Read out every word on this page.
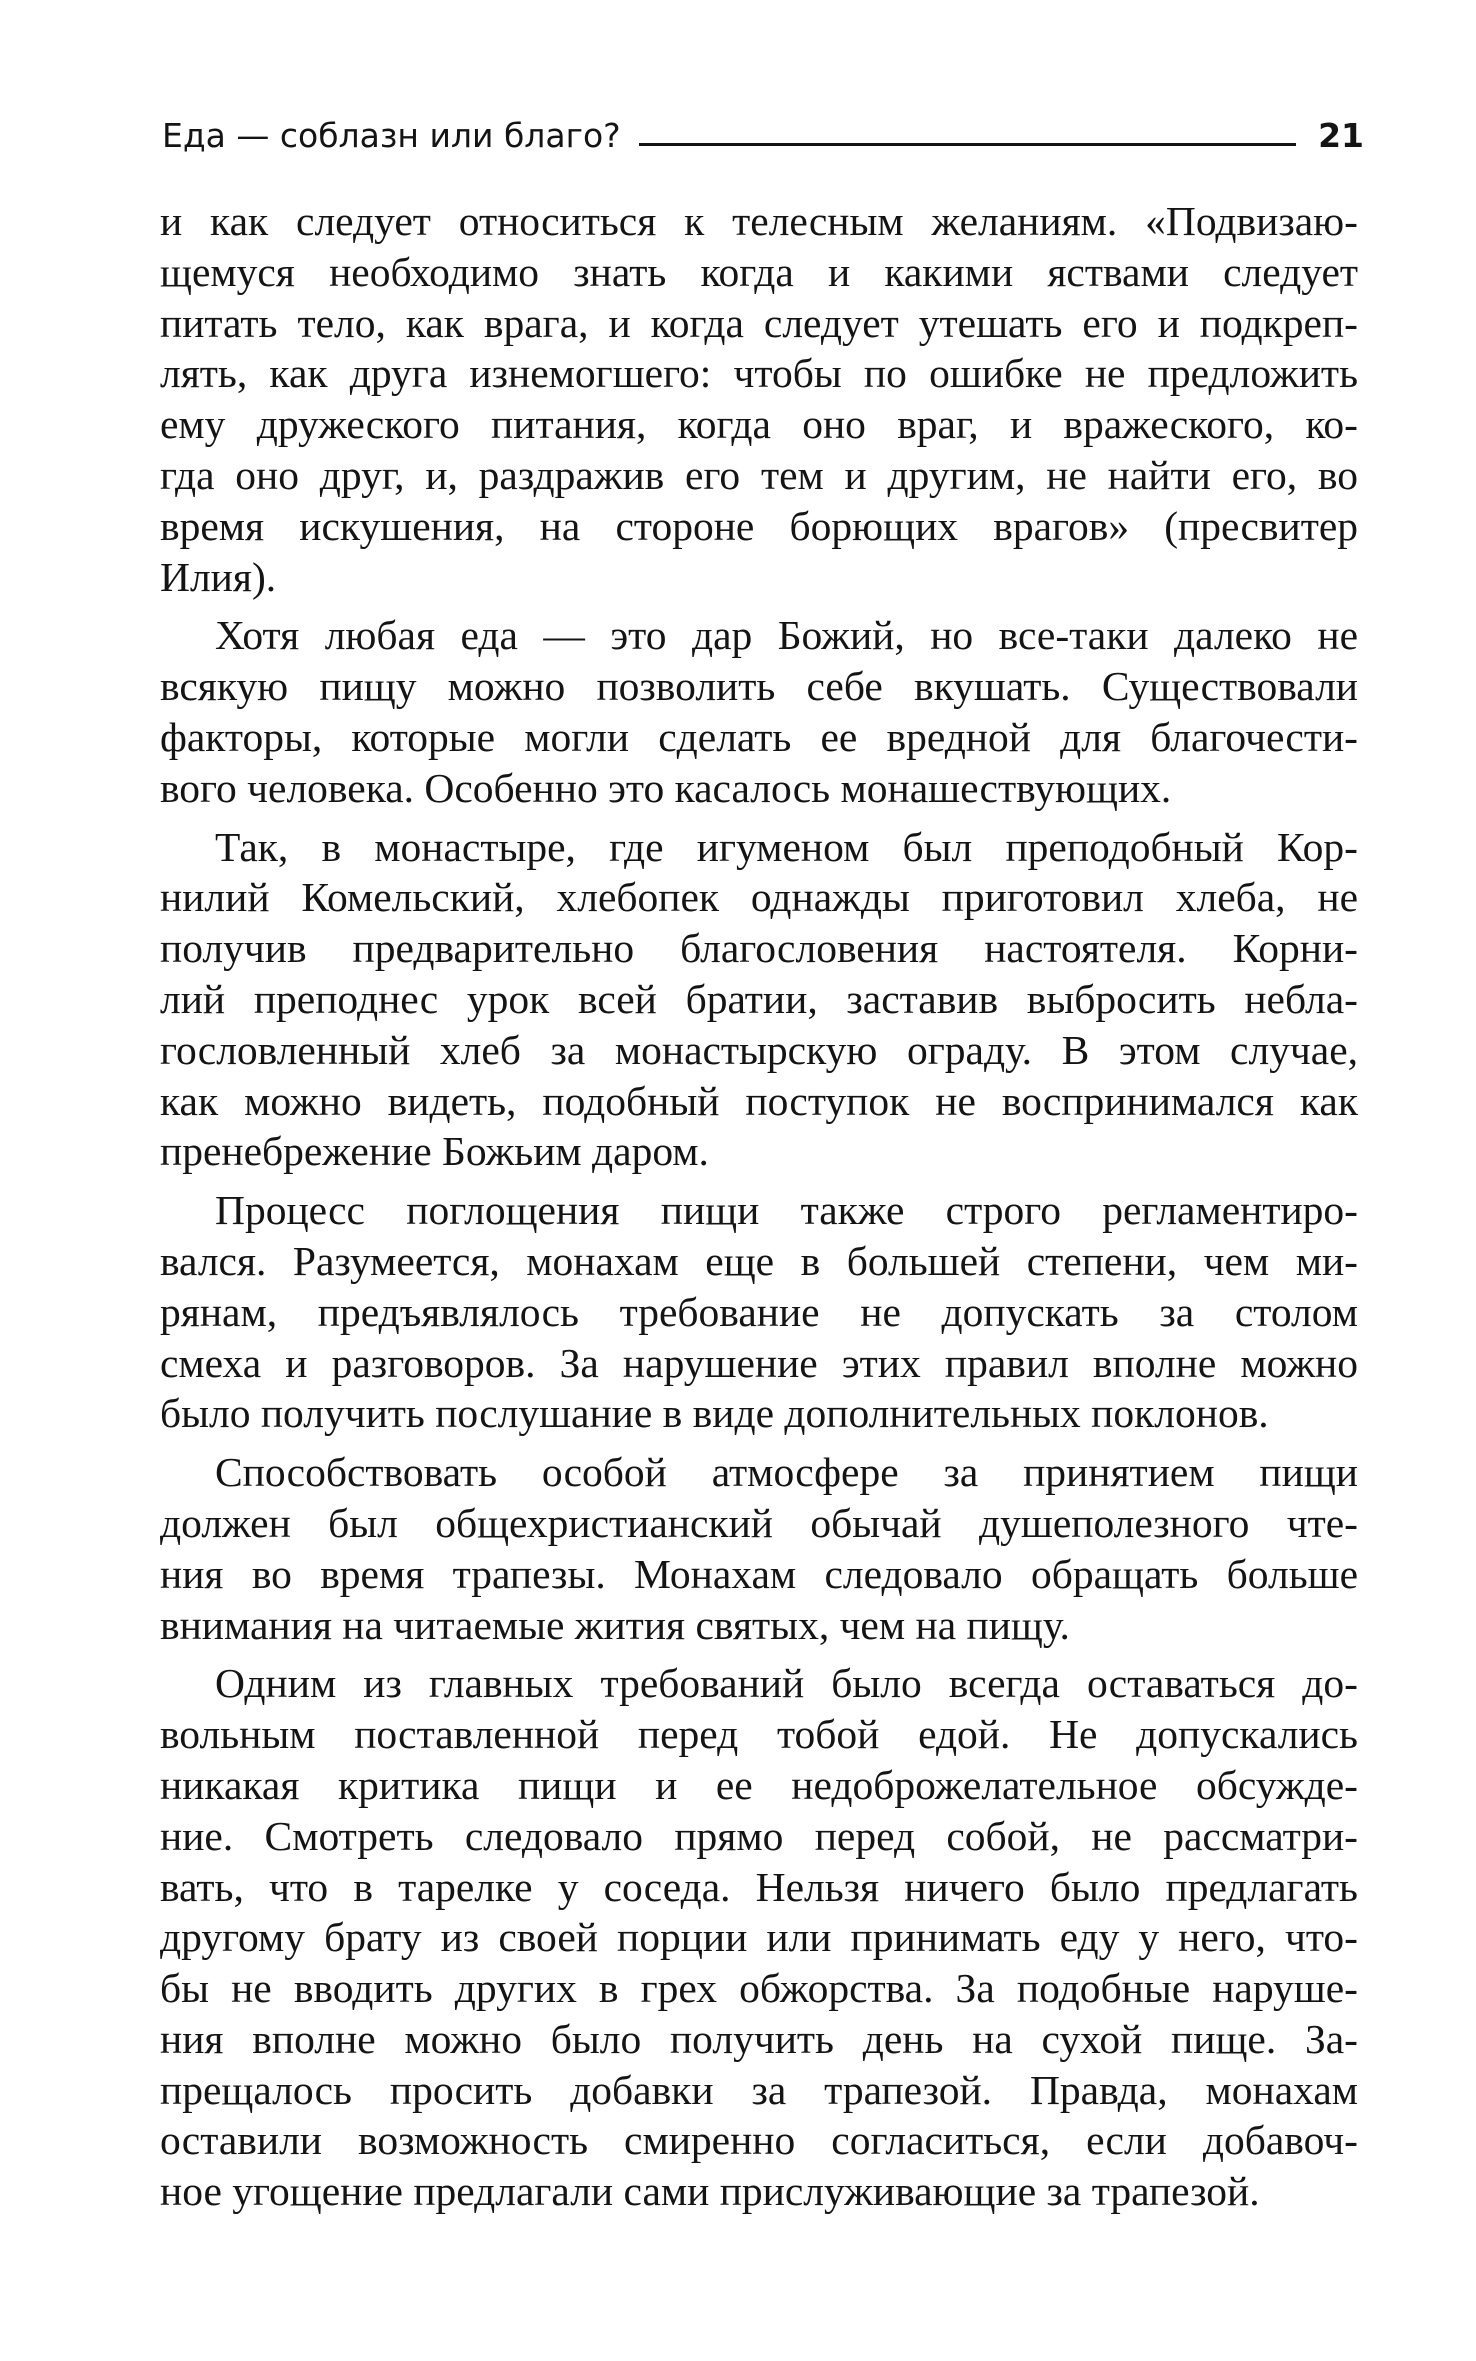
Еда — соблазн или благо?	21
и как следует относиться к телесным желаниям. «Подвизаю-
щемуся необходимо знать когда и какими яствами следует
питать тело, как врага, и когда следует утешать его и подкреп-
лять, как друга изнемогшего: чтобы по ошибке не предложить
ему дружеского питания, когда оно враг, и вражеского, ко-
гда оно друг, и, раздражив его тем и другим, не найти его, во
время искушения, на стороне борющих врагов» (пресвитер
Илия).
Хотя любая еда — это дар Божий, но все-таки далеко не
всякую пищу можно позволить себе вкушать. Существовали
факторы, которые могли сделать ее вредной для благочести-
вого человека. Особенно это касалось монашествующих.
Так, в монастыре, где игуменом был преподобный Кор-
нилий Комельский, хлебопек однажды приготовил хлеба, не
получив предварительно благословения настоятеля. Корни-
лий преподнес урок всей братии, заставив выбросить небла-
гословленный хлеб за монастырскую ограду. В этом случае,
как можно видеть, подобный поступок не воспринимался как
пренебрежение Божьим даром.
Процесс поглощения пищи также строго регламентиро-
вался. Разумеется, монахам еще в большей степени, чем ми-
рянам, предъявлялось требование не допускать за столом
смеха и разговоров. За нарушение этих правил вполне можно
было получить послушание в виде дополнительных поклонов.
Способствовать особой атмосфере за принятием пищи
должен был общехристианский обычай душеполезного чте-
ния во время трапезы. Монахам следовало обращать больше
внимания на читаемые жития святых, чем на пищу.
Одним из главных требований было всегда оставаться до-
вольным поставленной перед тобой едой. Не допускались
никакая критика пищи и ее недоброжелательное обсужде-
ние. Смотреть следовало прямо перед собой, не рассматри-
вать, что в тарелке у соседа. Нельзя ничего было предлагать
другому брату из своей порции или принимать еду у него, что-
бы не вводить других в грех обжорства. За подобные наруше-
ния вполне можно было получить день на сухой пище. За-
прещалось просить добавки за трапезой. Правда, монахам
оставили возможность смиренно согласиться, если добавоч-
ное угощение предлагали сами прислуживающие за трапезой.
